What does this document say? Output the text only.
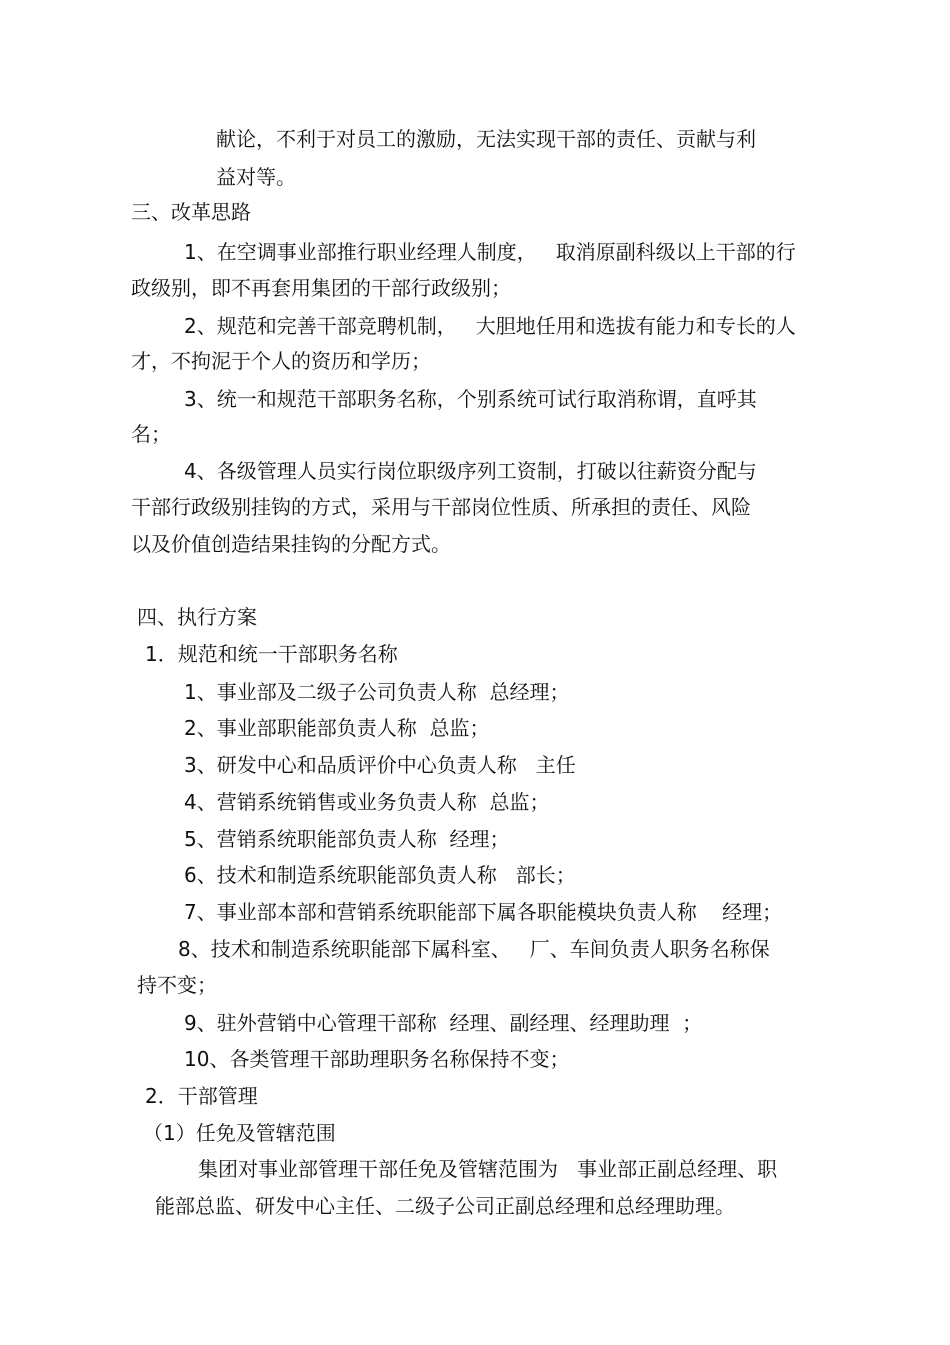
献论，不利于对员工的激励，无法实现干部的责任、贡献与利
益对等。
三、改革思路
1、在空调事业部推行职业经理人制度，   取消原副科级以上干部的行
政级别，即不再套用集团的干部行政级别；
2、规范和完善干部竞聘机制，   大胆地任用和选拔有能力和专长的人
才，不拘泥于个人的资历和学历；
3、统一和规范干部职务名称，个别系统可试行取消称谓，直呼其
名；
4、各级管理人员实行岗位职级序列工资制，打破以往薪资分配与
干部行政级别挂钩的方式，采用与干部岗位性质、所承担的责任、风险
以及价值创造结果挂钩的分配方式。
四、执行方案
1．规范和统一干部职务名称
1、事业部及二级子公司负责人称  总经理；
2、事业部职能部负责人称  总监；
3、研发中心和品质评价中心负责人称   主任
4、营销系统销售或业务负责人称  总监；
5、营销系统职能部负责人称  经理；
6、技术和制造系统职能部负责人称   部长；
7、事业部本部和营销系统职能部下属各职能模块负责人称    经理；
8、技术和制造系统职能部下属科室、   厂、车间负责人职务名称保
持不变；
9、驻外营销中心管理干部称  经理、副经理、经理助理  ；
10、各类管理干部助理职务名称保持不变；
2．干部管理
（1）任免及管辖范围
集团对事业部管理干部任免及管辖范围为   事业部正副总经理、职
能部总监、研发中心主任、二级子公司正副总经理和总经理助理。
